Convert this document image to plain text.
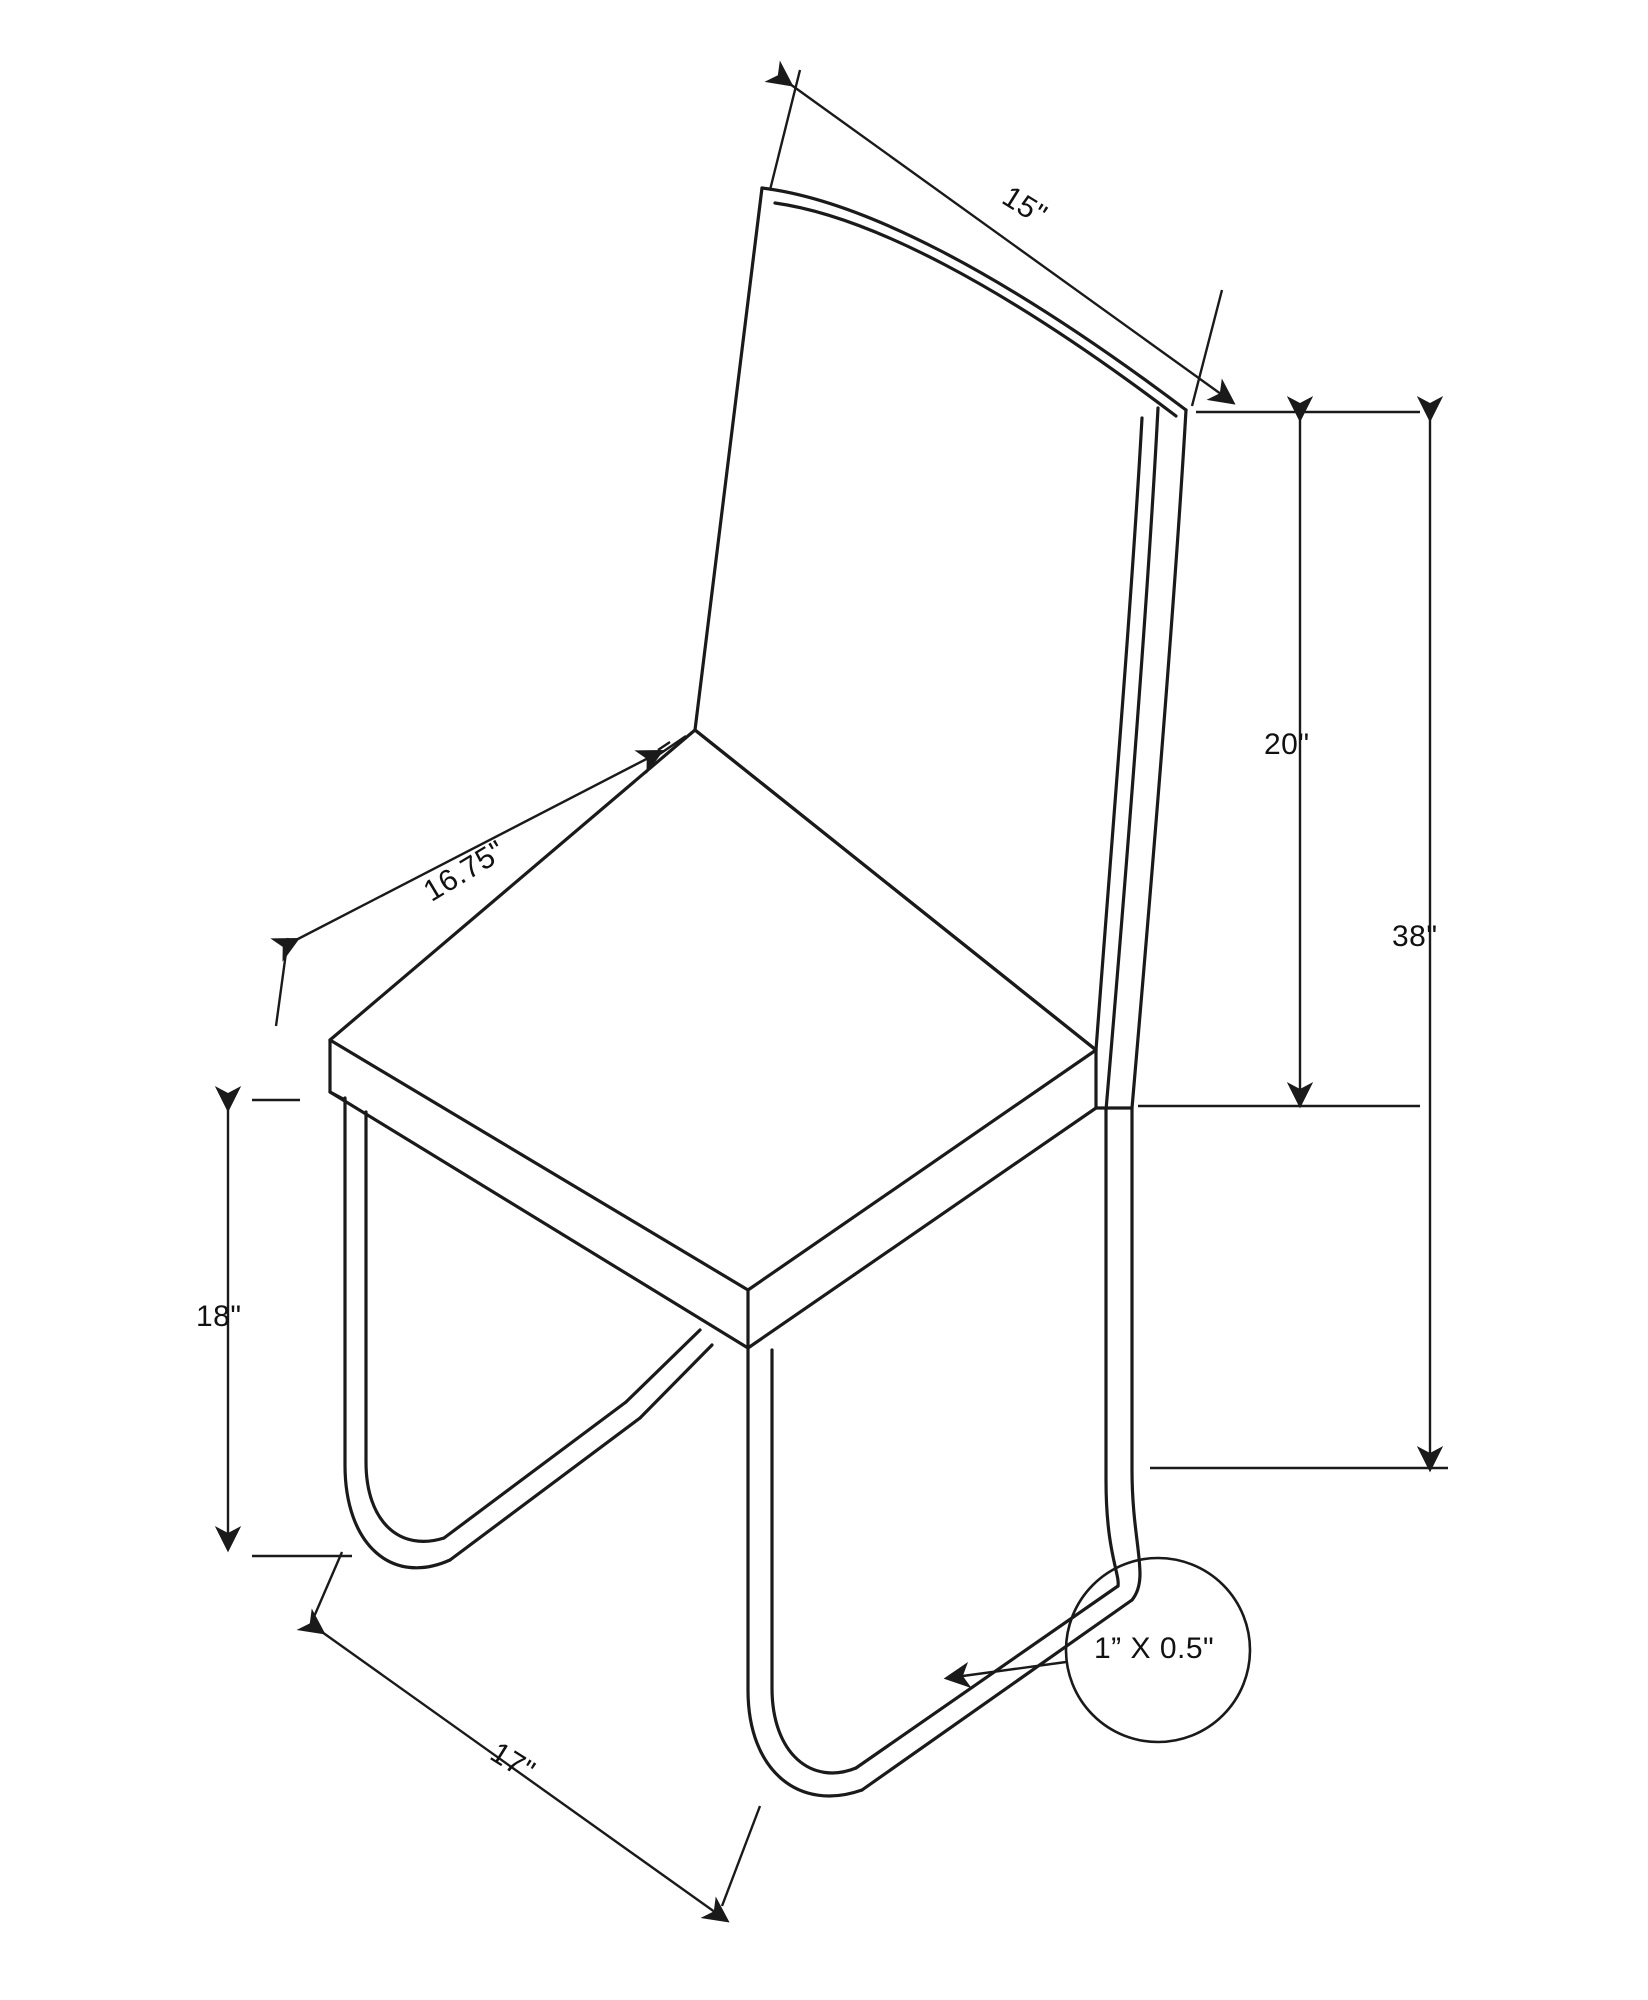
15"
20"
38"
16.75"
18"
17"
1” X 0.5"
